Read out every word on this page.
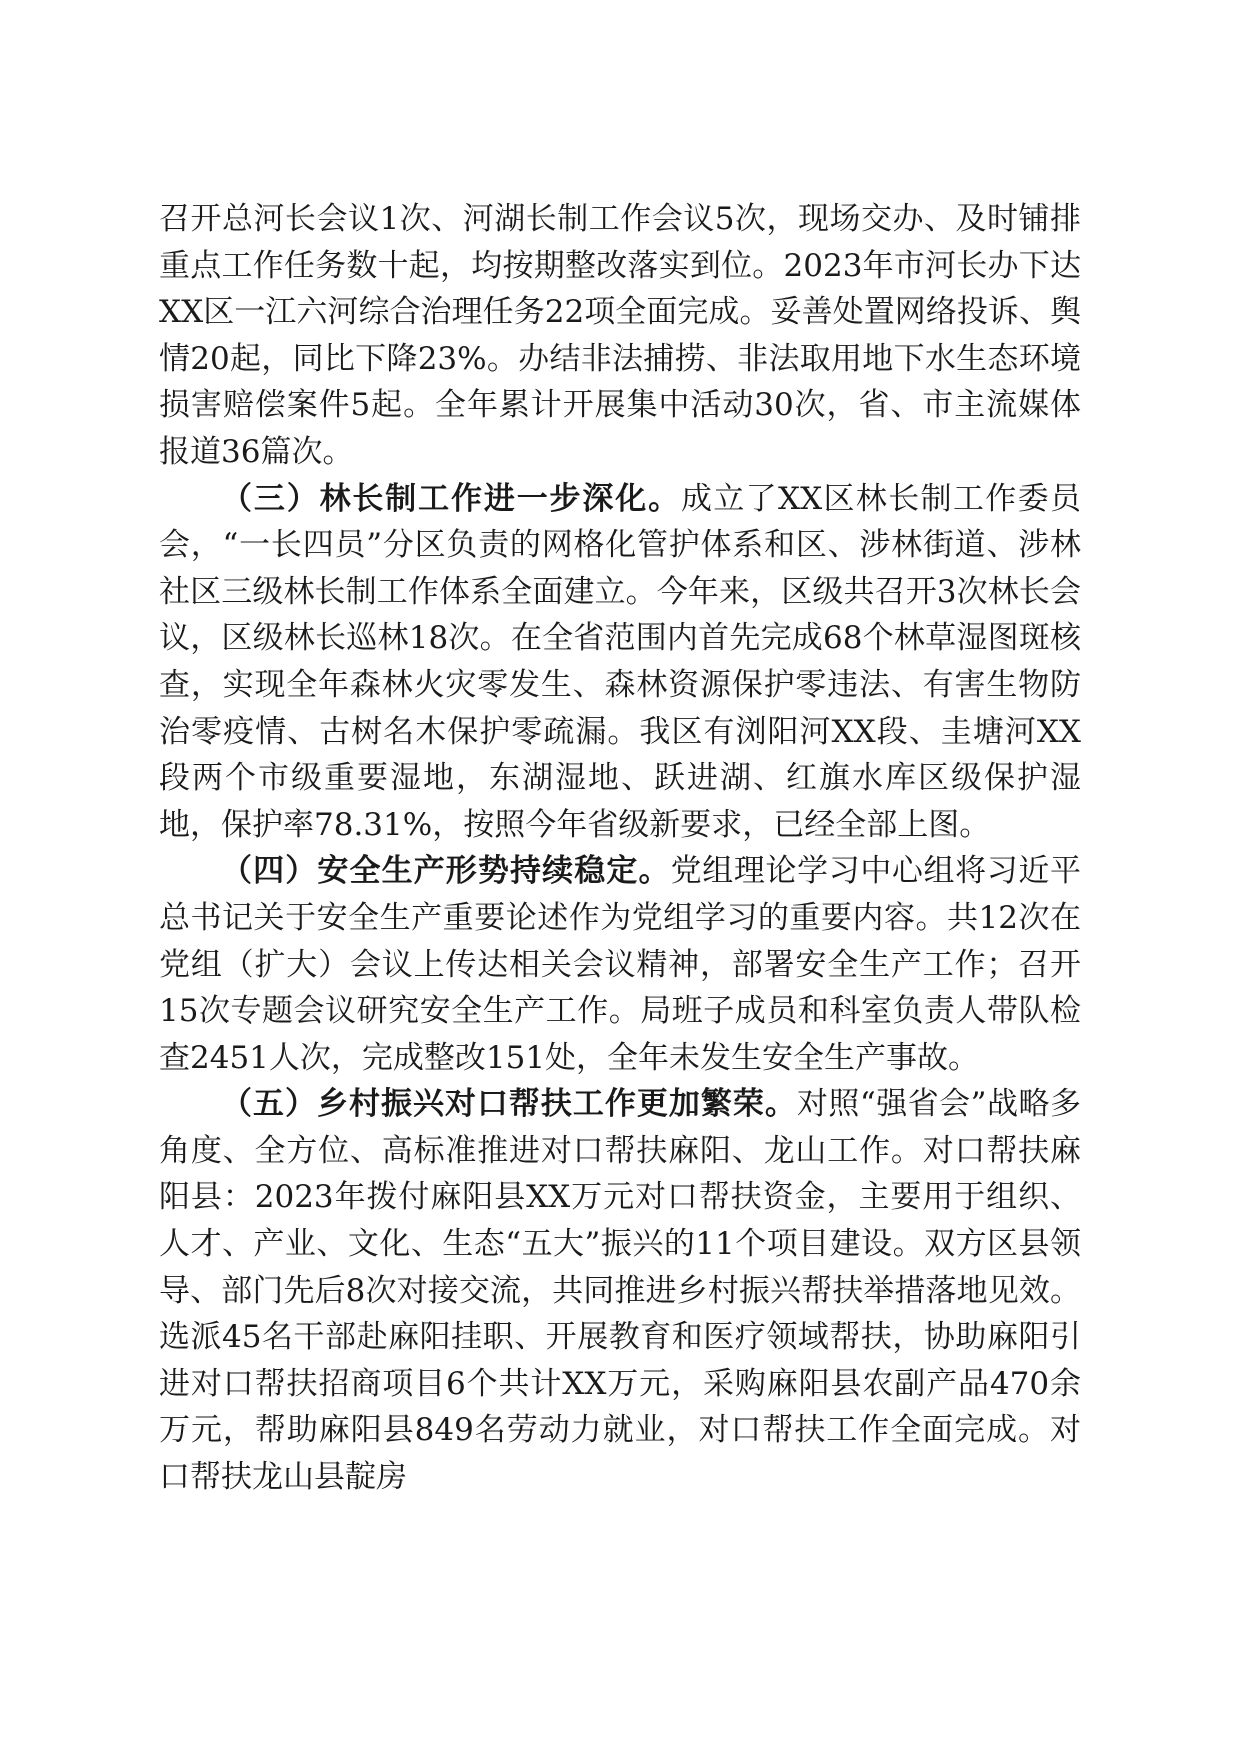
召开总河长会议1次、河湖长制工作会议5次，现场交办、及时铺排重点工作任务数十起，均按期整改落实到位。2023年市河长办下达XX区一江六河综合治理任务22项全面完成。妥善处置网络投诉、舆情20起，同比下降23%。办结非法捕捞、非法取用地下水生态环境损害赔偿案件5起。全年累计开展集中活动30次，省、市主流媒体报道36篇次。

（三）林长制工作进一步深化。成立了XX区林长制工作委员会，“一长四员”分区负责的网格化管护体系和区、涉林街道、涉林社区三级林长制工作体系全面建立。今年来，区级共召开3次林长会议，区级林长巡林18次。在全省范围内首先完成68个林草湿图斑核查，实现全年森林火灾零发生、森林资源保护零违法、有害生物防治零疫情、古树名木保护零疏漏。我区有浏阳河XX段、圭塘河XX段两个市级重要湿地，东湖湿地、跃进湖、红旗水库区级保护湿地，保护率78.31%，按照今年省级新要求，已经全部上图。

（四）安全生产形势持续稳定。党组理论学习中心组将习近平总书记关于安全生产重要论述作为党组学习的重要内容。共12次在党组（扩大）会议上传达相关会议精神，部署安全生产工作；召开15次专题会议研究安全生产工作。局班子成员和科室负责人带队检查2451人次，完成整改151处，全年未发生安全生产事故。

（五）乡村振兴对口帮扶工作更加繁荣。对照“强省会”战略多角度、全方位、高标准推进对口帮扶麻阳、龙山工作。对口帮扶麻阳县：2023年拨付麻阳县XX万元对口帮扶资金，主要用于组织、人才、产业、文化、生态“五大”振兴的11个项目建设。双方区县领导、部门先后8次对接交流，共同推进乡村振兴帮扶举措落地见效。选派45名干部赴麻阳挂职、开展教育和医疗领域帮扶，协助麻阳引进对口帮扶招商项目6个共计XX万元，采购麻阳县农副产品470余万元，帮助麻阳县849名劳动力就业，对口帮扶工作全面完成。对口帮扶龙山县靛房
